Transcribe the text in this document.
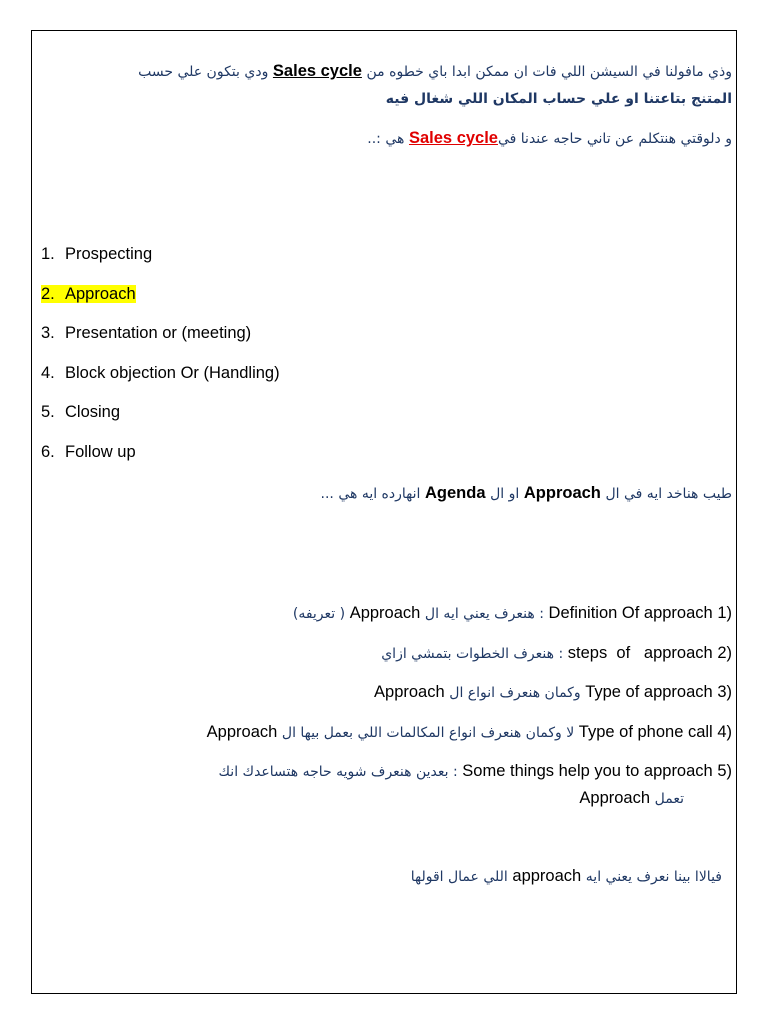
وذي مافولنا في السيشن اللي فات ان ممكن ابدا باي خطوه من Sales cycle ودي بتكون علي حسب
المتنج بتاعتنا او علي حساب المكان اللي شغال فيه
و دلوقتي هنتكلم عن تاني حاجه عندنا فيSales cycle هي :..
1. Prospecting
2. Approach
3. Presentation or (meeting)
4. Block objection Or (Handling)
5. Closing
6. Follow up
طيب هناخد ايه في ال Approach او ال Agenda انهارده ايه هي ...
(1 Definition Of approach : هنعرف يعني ايه ال Approach ( تعريفه)
(2 steps  of   approach : هنعرف الخطوات بتمشي ازاي
(3 Type of approach وكمان هنعرف انواع ال Approach
(4 Type of phone call لا وكمان هنعرف انواع المكالمات اللي بعمل بيها ال Approach
(5 Some things help you to approach : بعدين هنعرف شويه حاجه هتساعدك انك
تعمل Approach
فيالاا بينا نعرف يعني ايه approach اللي عمال اقولها
